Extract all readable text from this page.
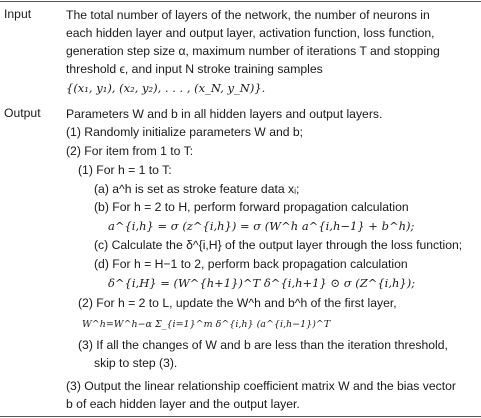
Input	The total number of layers of the network, the number of neurons in
each hidden layer and output layer, activation function, loss function,
generation step size α, maximum number of iterations T and stopping
threshold ϵ, and input N stroke training samples
{(x₁, y₁), (x₂, y₂), . . . , (x_N, y_N)}.
Output Parameters W and b in all hidden layers and output layers.
(1) Randomly initialize parameters W and b;
(2) For item from 1 to T:
(1) For h = 1 to T:
(a) a^h is set as stroke feature data xᵢ;
(b) For h = 2 to H, perform forward propagation calculation
a^{i,h} = σ (z^{i,h}) = σ (W^h a^{i,h−1} + b^h);
(c) Calculate the δ^{i,H} of the output layer through the loss function;
(d) For h = H−1 to 2, perform back propagation calculation
δ^{i,H} = (W^{h+1})^T δ^{i,h+1} ⊙ σ (Z^{i,h});
(2) For h = 2 to L, update the W^h and b^h of the first layer,
W^h=W^h−α Σ_{i=1}^m δ^{i,h} (a^{i,h−1})^T
(3) If all the changes of W and b are less than the iteration threshold,
skip to step (3).
(3) Output the linear relationship coefficient matrix W and the bias vector
b of each hidden layer and the output layer.
